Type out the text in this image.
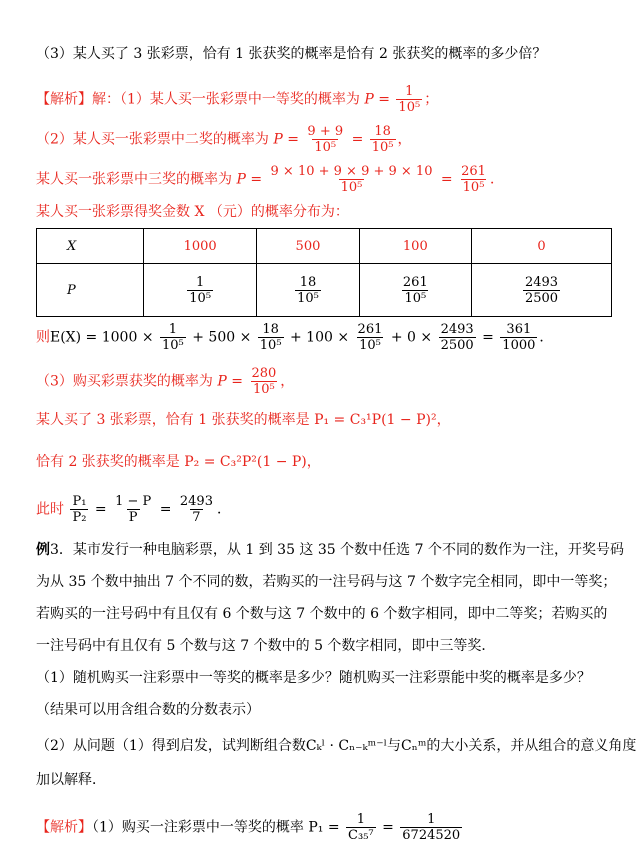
（3）某人买了 3 张彩票，恰有 1 张获奖的概率是恰有 2 张获奖的概率的多少倍？
【解析】解：（1）某人买一张彩票中一等奖的概率为 $P = \frac{1}{\text{10⁵}}$ ；
（2）某人买一张彩票中二奖的概率为 $P = \frac{9 + 9}{\text{10⁵}} = \frac{18}{\text{10⁵}}$ ，
某人买一张彩票中三奖的概率为 $P = \frac{9 \times 10 + 9 \times 9 + 9 \times 10}{\text{10⁵}} = \frac{261}{\text{10⁵}}$ ．
某人买一张彩票得奖金数 X （元）的概率分布为：
X	1000	500	100	0
P	$\frac{1}{\text{10⁵}}$	$\frac{18}{\text{10⁵}}$	$\frac{261}{\text{10⁵}}$	$\frac{2493}{2500}$
则$E(X) = 1000 \times \frac{1}{\text{10⁵}} + 500 \times \frac{18}{\text{10⁵}} + 100 \times \frac{261}{\text{10⁵}} + 0 \times \frac{2493}{2500} = \frac{361}{1000}$ ．
（3）购买彩票获奖的概率为 $P = \frac{280}{\text{10⁵}}$ ，
某人买了 3 张彩票，恰有 1 张获奖的概率是 P₁ = C₃¹P(1 − P)²，
恰有 2 张获奖的概率是 P₂ = C₃²P²(1 − P)，
此时 $\frac{\text{P₁}}{\text{P₂}} = \frac{1 - P}{P} = \frac{2493}{7}$ ．
例3．某市发行一种电脑彩票，从 1 到 35 这 35 个数中任选 7 个不同的数作为一注，开奖号码
为从 35 个数中抽出 7 个不同的数，若购买的一注号码与这 7 个数字完全相同，即中一等奖；
若购买的一注号码中有且仅有 6 个数与这 7 个数中的 6 个数字相同，即中二等奖；若购买的
一注号码中有且仅有 5 个数与这 7 个数中的 5 个数字相同，即中三等奖．
（1）随机购买一注彩票中一等奖的概率是多少？随机购买一注彩票能中奖的概率是多少？
（结果可以用含组合数的分数表示）
（2）从问题（1）得到启发，试判断组合数Cₖˡ · Cₙ₋ₖᵐ⁻ˡ与Cₙᵐ的大小关系，并从组合的意义角度
加以解释．
【解析】（1）购买一注彩票中一等奖的概率 $P_1 = \frac{1}{\text{C₃₅⁷}} = \frac{1}{6724520}$
